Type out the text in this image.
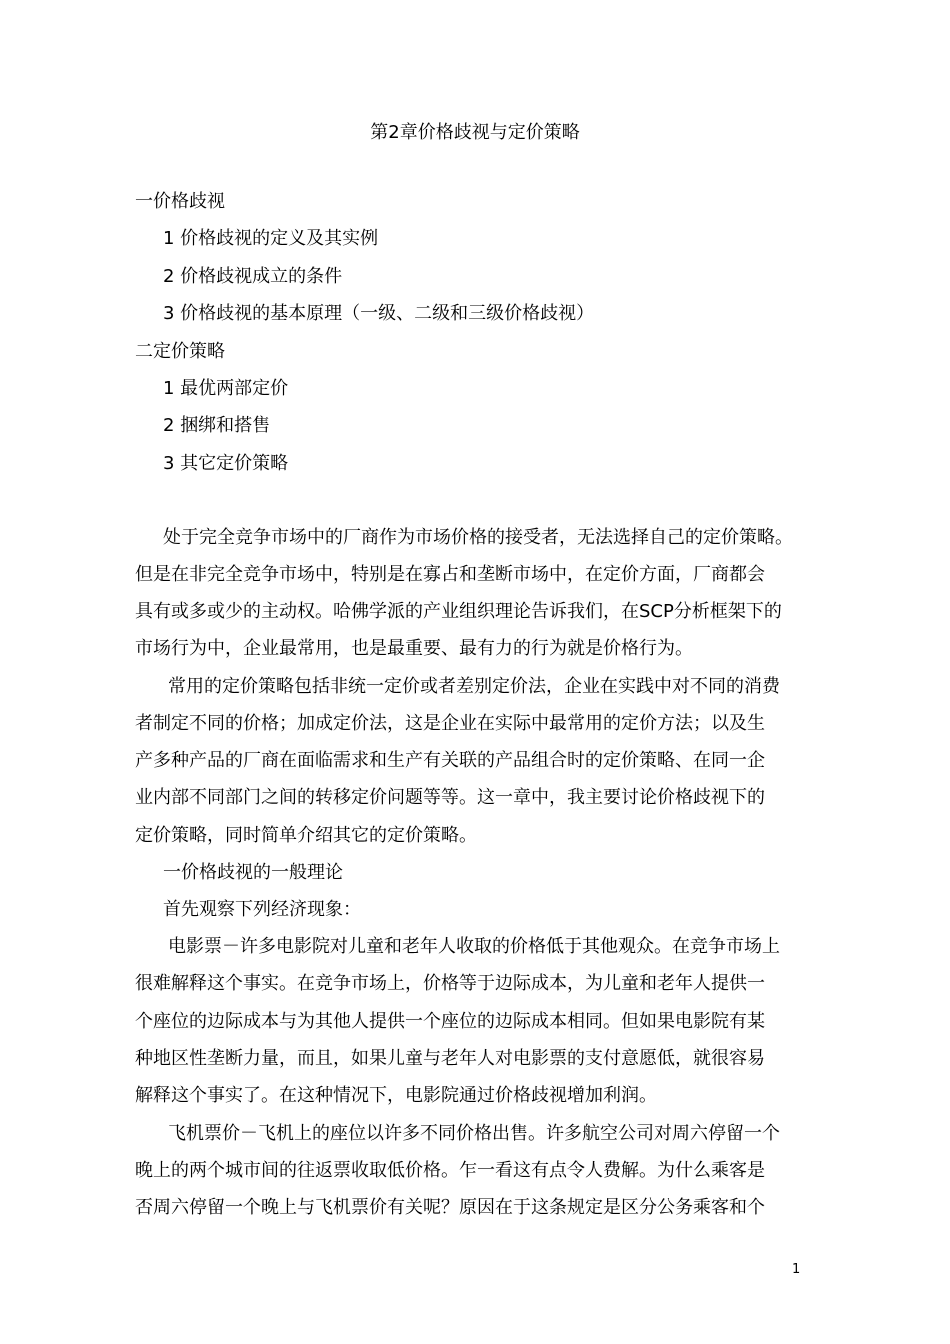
第2章价格歧视与定价策略
一价格歧视
1 价格歧视的定义及其实例
2 价格歧视成立的条件
3 价格歧视的基本原理（一级、二级和三级价格歧视）
二定价策略
1 最优两部定价
2 捆绑和搭售
3 其它定价策略
处于完全竞争市场中的厂商作为市场价格的接受者，无法选择自己的定价策略。
但是在非完全竞争市场中，特别是在寡占和垄断市场中，在定价方面，厂商都会
具有或多或少的主动权。哈佛学派的产业组织理论告诉我们，在SCP分析框架下的
市场行为中，企业最常用，也是最重要、最有力的行为就是价格行为。
常用的定价策略包括非统一定价或者差别定价法，企业在实践中对不同的消费
者制定不同的价格；加成定价法，这是企业在实际中最常用的定价方法；以及生
产多种产品的厂商在面临需求和生产有关联的产品组合时的定价策略、在同一企
业内部不同部门之间的转移定价问题等等。这一章中，我主要讨论价格歧视下的
定价策略，同时简单介绍其它的定价策略。
一价格歧视的一般理论
首先观察下列经济现象：
电影票－许多电影院对儿童和老年人收取的价格低于其他观众。在竞争市场上
很难解释这个事实。在竞争市场上，价格等于边际成本，为儿童和老年人提供一
个座位的边际成本与为其他人提供一个座位的边际成本相同。但如果电影院有某
种地区性垄断力量，而且，如果儿童与老年人对电影票的支付意愿低，就很容易
解释这个事实了。在这种情况下，电影院通过价格歧视增加利润。
飞机票价－飞机上的座位以许多不同价格出售。许多航空公司对周六停留一个
晚上的两个城市间的往返票收取低价格。乍一看这有点令人费解。为什么乘客是
否周六停留一个晚上与飞机票价有关呢？原因在于这条规定是区分公务乘客和个
1
